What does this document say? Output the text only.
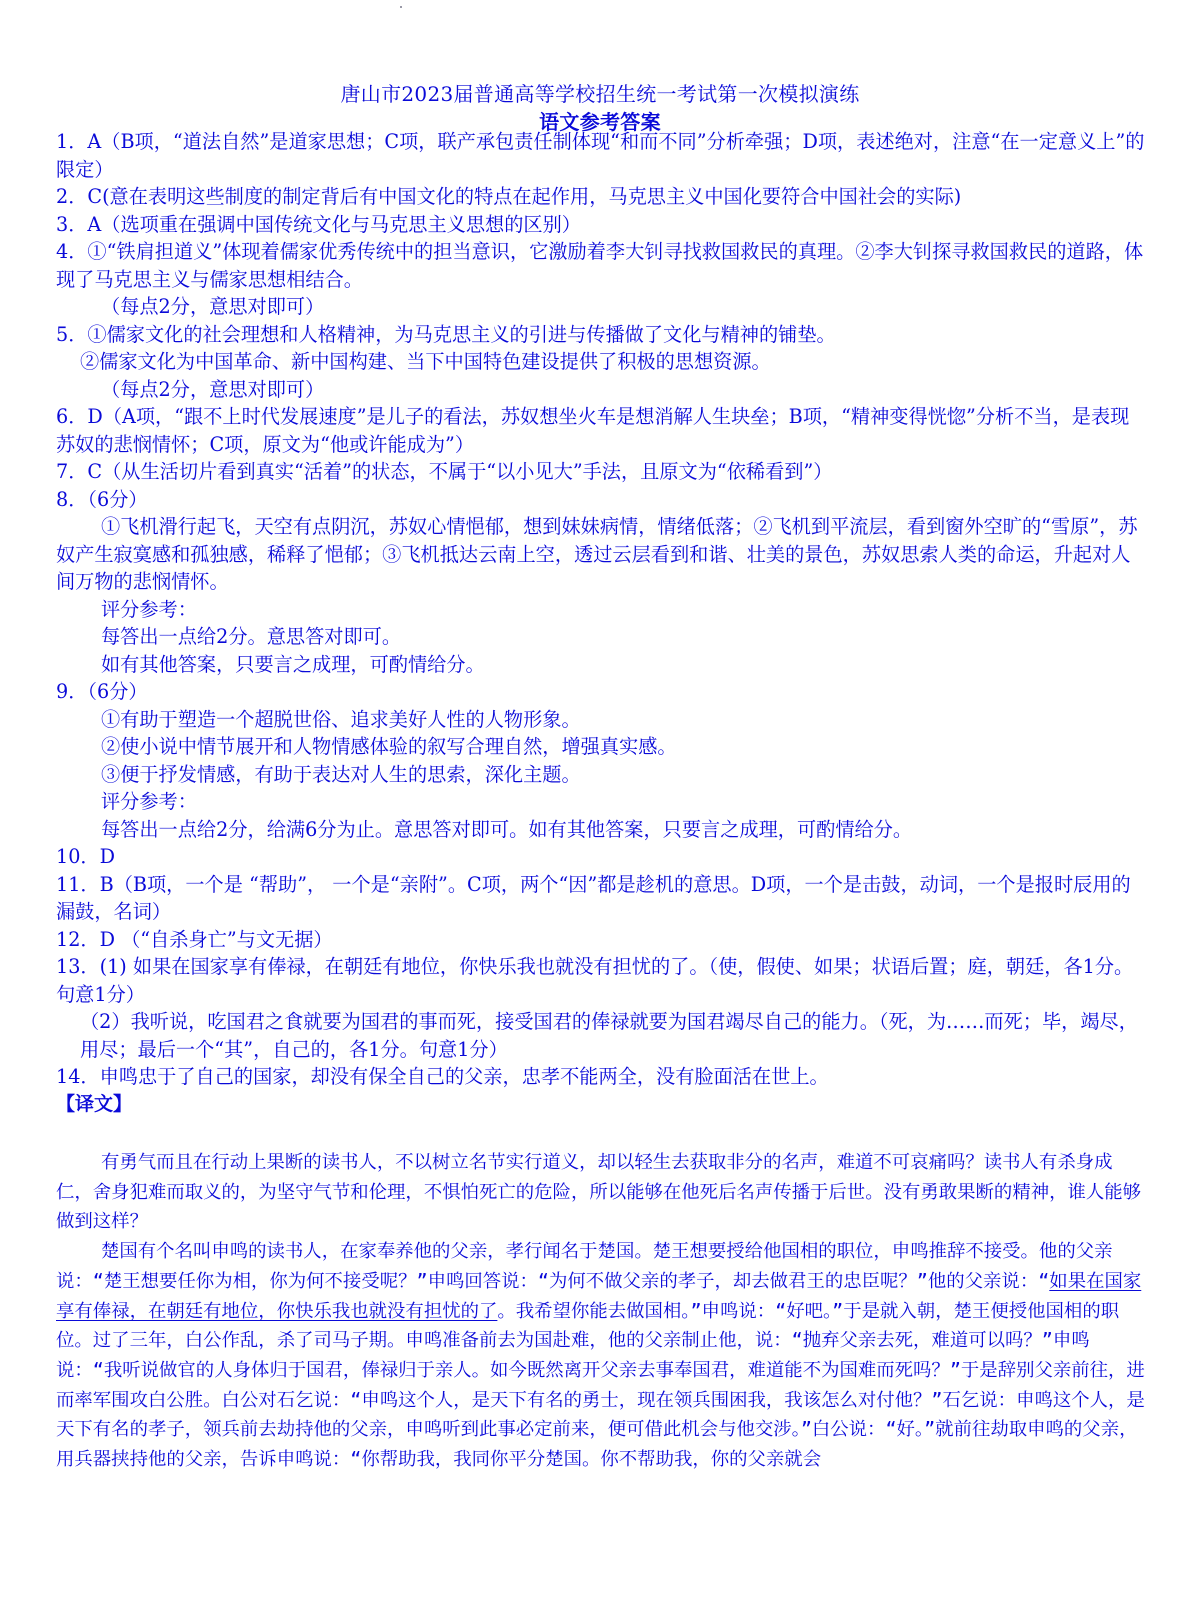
唐山市2023届普通高等学校招生统一考试第一次模拟演练
语文参考答案

1．A（B项，“道法自然”是道家思想；C项，联产承包责任制体现“和而不同”分析牵强；D项，表述绝对，注意“在一定意义上”的限定）

2．C(意在表明这些制度的制定背后有中国文化的特点在起作用，马克思主义中国化要符合中国社会的实际)

3．A（选项重在强调中国传统文化与马克思主义思想的区别）

4．①“铁肩担道义”体现着儒家优秀传统中的担当意识，它激励着李大钊寻找救国救民的真理。②李大钊探寻救国救民的道路，体现了马克思主义与儒家思想相结合。

（每点2分，意思对即可）

5．①儒家文化的社会理想和人格精神，为马克思主义的引进与传播做了文化与精神的铺垫。

②儒家文化为中国革命、新中国构建、当下中国特色建设提供了积极的思想资源。

（每点2分，意思对即可）

6．D（A项，“跟不上时代发展速度”是儿子的看法，苏奴想坐火车是想消解人生块垒；B项，“精神变得恍惚”分析不当，是表现苏奴的悲悯情怀；C项，原文为“他或许能成为”）

7．C（从生活切片看到真实“活着”的状态，不属于“以小见大”手法，且原文为“依稀看到”）

8．（6分）

①飞机滑行起飞，天空有点阴沉，苏奴心情悒郁，想到妹妹病情，情绪低落；②飞机到平流层，看到窗外空旷的“雪原”，苏奴产生寂寞感和孤独感，稀释了悒郁；③飞机抵达云南上空，透过云层看到和谐、壮美的景色，苏奴思索人类的命运，升起对人间万物的悲悯情怀。

评分参考：

每答出一点给2分。意思答对即可。

如有其他答案，只要言之成理，可酌情给分。

9．（6分）

①有助于塑造一个超脱世俗、追求美好人性的人物形象。

②使小说中情节展开和人物情感体验的叙写合理自然，增强真实感。

③便于抒发情感，有助于表达对人生的思索，深化主题。

评分参考：

每答出一点给2分，给满6分为止。意思答对即可。如有其他答案，只要言之成理，可酌情给分。

10．D

11．B（B项，一个是 “帮助”， 一个是“亲附”。C项，两个“因”都是趁机的意思。D项，一个是击鼓，动词，一个是报时辰用的漏鼓，名词）

12．D （“自杀身亡”与文无据）

13．(1) 如果在国家享有俸禄，在朝廷有地位，你快乐我也就没有担忧的了。（使，假使、如果；状语后置；庭，朝廷，各1分。句意1分）

（2）我听说，吃国君之食就要为国君的事而死，接受国君的俸禄就要为国君竭尽自己的能力。（死，为……而死；毕，竭尽，用尽；最后一个“其”，自己的，各1分。句意1分）

14．申鸣忠于了自己的国家，却没有保全自己的父亲，忠孝不能两全，没有脸面活在世上。

【译文】

有勇气而且在行动上果断的读书人，不以树立名节实行道义，却以轻生去获取非分的名声，难道不可哀痛吗？读书人有杀身成仁，舍身犯难而取义的，为坚守气节和伦理，不惧怕死亡的危险，所以能够在他死后名声传播于后世。没有勇敢果断的精神，谁人能够做到这样？

楚国有个名叫申鸣的读书人，在家奉养他的父亲，孝行闻名于楚国。楚王想要授给他国相的职位，申鸣推辞不接受。他的父亲说：“楚王想要任你为相，你为何不接受呢？”申鸣回答说：“为何不做父亲的孝子，却去做君王的忠臣呢？”他的父亲说：“如果在国家享有俸禄，在朝廷有地位，你快乐我也就没有担忧的了。我希望你能去做国相。”申鸣说：“好吧。”于是就入朝，楚王便授他国相的职位。过了三年，白公作乱，杀了司马子期。申鸣准备前去为国赴难，他的父亲制止他，说：“抛弃父亲去死，难道可以吗？”申鸣说：“我听说做官的人身体归于国君，俸禄归于亲人。如今既然离开父亲去事奉国君，难道能不为国难而死吗？”于是辞别父亲前往，进而率军围攻白公胜。白公对石乞说：“申鸣这个人，是天下有名的勇士，现在领兵围困我，我该怎么对付他？”石乞说：申鸣这个人，是天下有名的孝子，领兵前去劫持他的父亲，申鸣听到此事必定前来，便可借此机会与他交涉。”白公说：“好。”就前往劫取申鸣的父亲，用兵器挟持他的父亲，告诉申鸣说：“你帮助我，我同你平分楚国。你不帮助我，你的父亲就会
